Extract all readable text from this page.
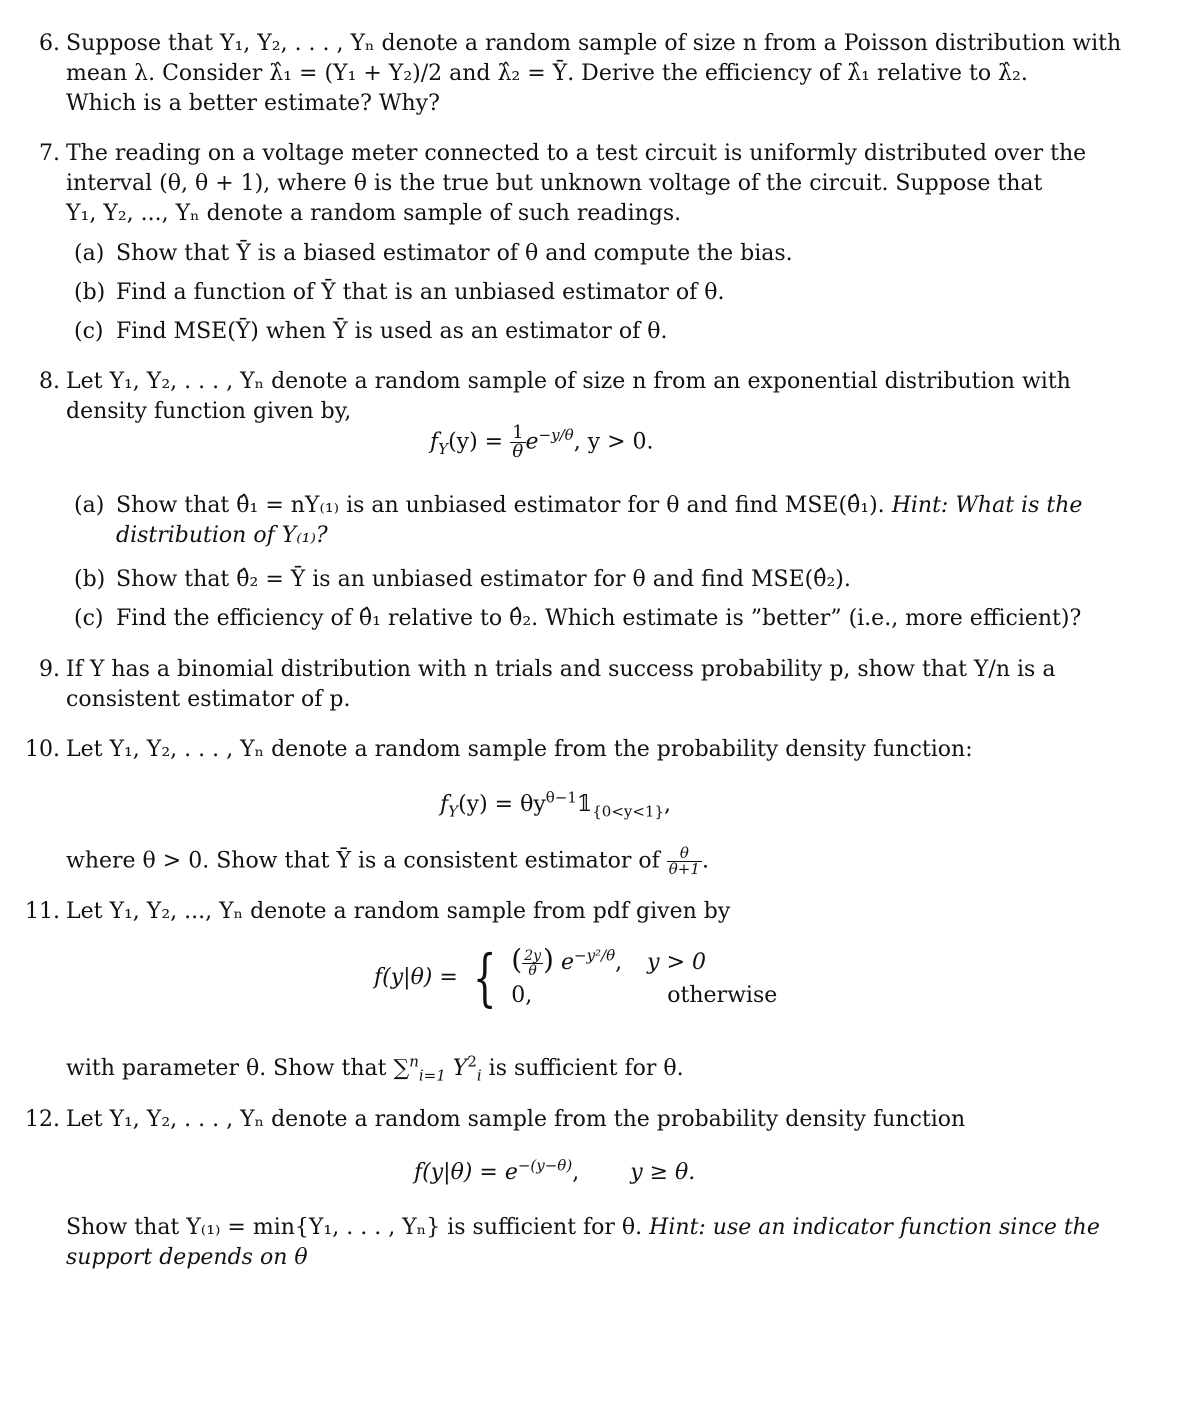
6. Suppose that Y₁, Y₂, . . . , Yₙ denote a random sample of size n from a Poisson distribution with
mean λ. Consider λ̂₁ = (Y₁ + Y₂)/2 and λ̂₂ = Ȳ. Derive the efficiency of λ̂₁ relative to λ̂₂.
Which is a better estimate? Why?
7. The reading on a voltage meter connected to a test circuit is uniformly distributed over the
interval (θ, θ + 1), where θ is the true but unknown voltage of the circuit. Suppose that
Y₁, Y₂, ..., Yₙ denote a random sample of such readings.
(a) Show that Ȳ is a biased estimator of θ and compute the bias.
(b) Find a function of Ȳ that is an unbiased estimator of θ.
(c) Find MSE(Ȳ) when Ȳ is used as an estimator of θ.
8. Let Y₁, Y₂, . . . , Yₙ denote a random sample of size n from an exponential distribution with
density function given by,
$f_Y(y) = \frac{1}{\theta} e^{-y/\theta}$, y > 0.
(a) Show that θ̂₁ = nY₍₁₎ is an unbiased estimator for θ and find MSE(θ̂₁). Hint: What is the
distribution of Y₍₁₎?
(b) Show that θ̂₂ = Ȳ is an unbiased estimator for θ and find MSE(θ̂₂).
(c) Find the efficiency of θ̂₁ relative to θ̂₂. Which estimate is ”better” (i.e., more efficient)?
9. If Y has a binomial distribution with n trials and success probability p, show that Y/n is a
consistent estimator of p.
10. Let Y₁, Y₂, . . . , Yₙ denote a random sample from the probability density function:
$f_Y(y)$ = $\theta y^{\theta-1}𝟙_{\{0<y<1\}}$,
where θ > 0. Show that Ȳ is a consistent estimator of $\frac{\theta}{\theta+1}$ .
11. Let Y₁, Y₂, ..., Yₙ denote a random sample from pdf given by
f(y|θ) = { ( $\frac{2y}{\theta}$ ) $e^{-y^2/\theta}$, y > 0
0,	otherwise
with parameter θ. Show that ∑$^n_{i=1}$ $Y^2_i$ is sufficient for θ.
12. Let Y₁, Y₂, . . . , Yₙ denote a random sample from the probability density function
$f(y|\theta) = e^{-(y-\theta)}$, y ≥ θ.
Show that Y₍₁₎ = min{Y₁, . . . , Yₙ} is sufficient for θ. Hint: use an indicator function since the
support depends on θ
